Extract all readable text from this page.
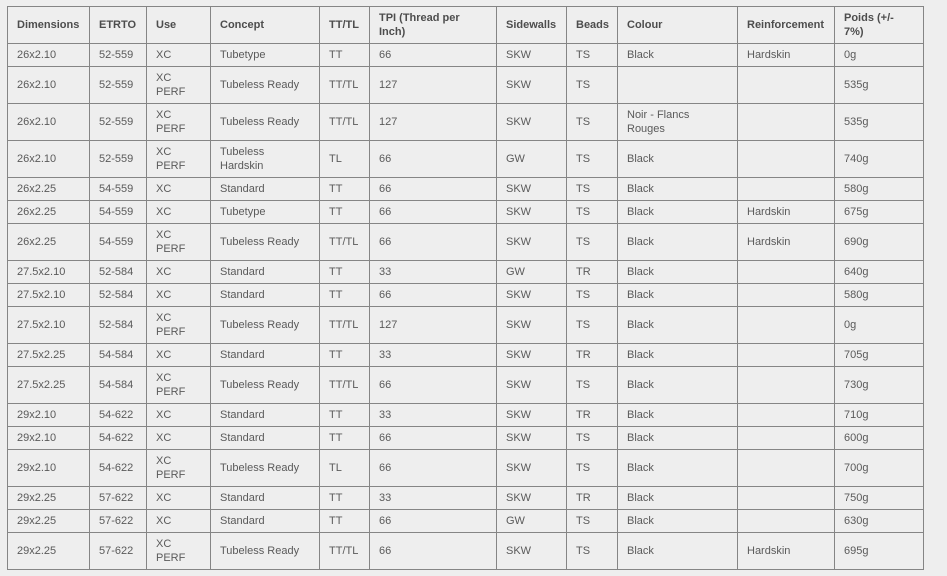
Dimensions	ETRTO	Use	Concept	TT/TL	TPI (Thread per Inch)	Sidewalls	Beads	Colour	Reinforcement	Poids (+/- 7%)
26x2.10	52-559	XC	Tubetype	TT	66	SKW	TS	Black	Hardskin	0g
26x2.10	52-559	XC PERF	Tubeless Ready	TT/TL	127	SKW	TS			535g
26x2.10	52-559	XC PERF	Tubeless Ready	TT/TL	127	SKW	TS	Noir - Flancs Rouges		535g
26x2.10	52-559	XC PERF	Tubeless Hardskin	TL	66	GW	TS	Black		740g
26x2.25	54-559	XC	Standard	TT	66	SKW	TS	Black		580g
26x2.25	54-559	XC	Tubetype	TT	66	SKW	TS	Black	Hardskin	675g
26x2.25	54-559	XC PERF	Tubeless Ready	TT/TL	66	SKW	TS	Black	Hardskin	690g
27.5x2.10	52-584	XC	Standard	TT	33	GW	TR	Black		640g
27.5x2.10	52-584	XC	Standard	TT	66	SKW	TS	Black		580g
27.5x2.10	52-584	XC PERF	Tubeless Ready	TT/TL	127	SKW	TS	Black		0g
27.5x2.25	54-584	XC	Standard	TT	33	SKW	TR	Black		705g
27.5x2.25	54-584	XC PERF	Tubeless Ready	TT/TL	66	SKW	TS	Black		730g
29x2.10	54-622	XC	Standard	TT	33	SKW	TR	Black		710g
29x2.10	54-622	XC	Standard	TT	66	SKW	TS	Black		600g
29x2.10	54-622	XC PERF	Tubeless Ready	TL	66	SKW	TS	Black		700g
29x2.25	57-622	XC	Standard	TT	33	SKW	TR	Black		750g
29x2.25	57-622	XC	Standard	TT	66	GW	TS	Black		630g
29x2.25	57-622	XC PERF	Tubeless Ready	TT/TL	66	SKW	TS	Black	Hardskin	695g
